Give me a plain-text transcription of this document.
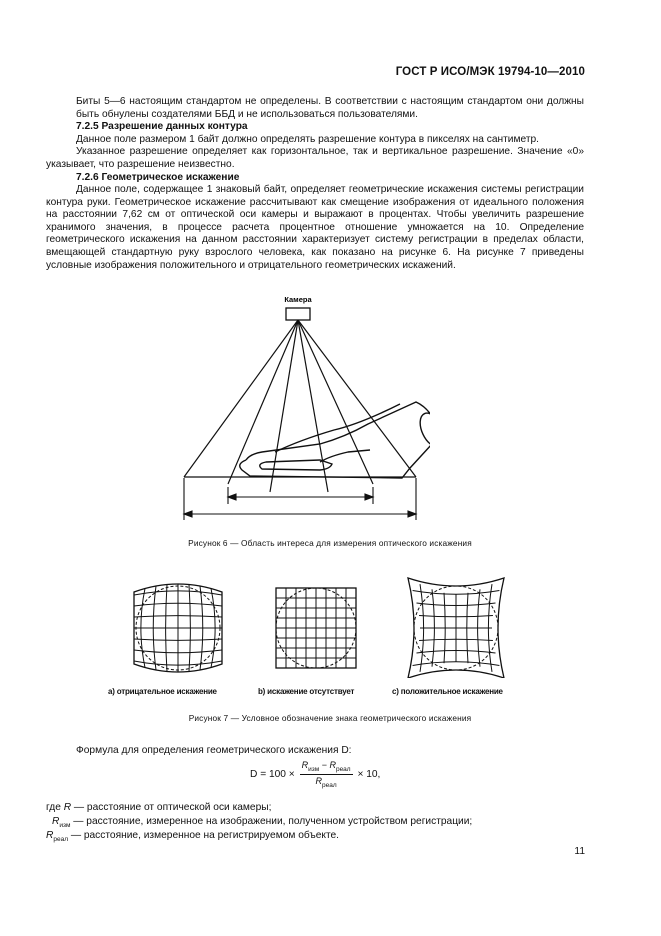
ГОСТ Р ИСО/МЭК 19794-10—2010
Биты 5—6 настоящим стандартом не определены. В соответствии с настоящим стандартом они должны быть обнулены создателями ББД и не использоваться пользователями.
7.2.5 Разрешение данных контура
Данное поле размером 1 байт должно определять разрешение контура в пикселях на сантиметр.
Указанное разрешение определяет как горизонтальное, так и вертикальное разрешение. Значение «0» указывает, что разрешение неизвестно.
7.2.6 Геометрическое искажение
Данное поле, содержащее 1 знаковый байт, определяет геометрические искажения системы регистрации контура руки. Геометрическое искажение рассчитывают как смещение изображения от идеального положения на расстоянии 7,62 см от оптической оси камеры и выражают в процентах. Чтобы увеличить разрешение хранимого значения, в процессе расчета процентное отношение умножается на 10. Определение геометрического искажения на данном расстоянии характеризует систему регистрации в пределах области, вмещающей стандартную руку взрослого человека, как показано на рисунке 6. На рисунке 7 приведены условные изображения положительного и отрицательного геометрических искажений.
Камера
Рисунок 6 — Область интереса для измерения оптического искажения
а) отрицательное искажение	b) искажение отсутствует	c) положительное искажение
Рисунок 7 — Условное обозначение знака геометрического искажения
Формула для определения геометрического искажения D:
$D = 100 \times \frac{R_{изм} - R_{реал}}{R_{реал}} \times 10$,
где R — расстояние от оптической оси камеры;
$R_{изм}$ — расстояние, измеренное на изображении, полученном устройством регистрации;
$R_{реал}$ — расстояние, измеренное на регистрируемом объекте.
11
